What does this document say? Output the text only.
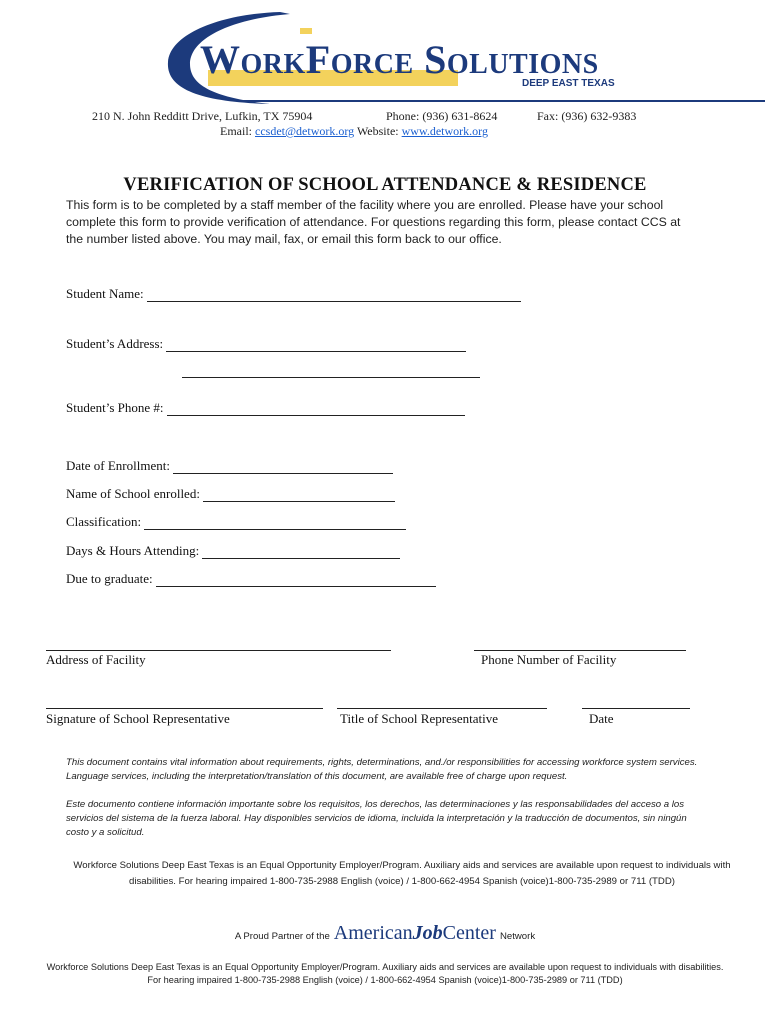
WORKFORCE SOLUTIONS
DEEP EAST TEXAS
210 N. John Redditt Drive, Lufkin, TX 75904	Phone: (936) 631-8624	Fax: (936) 632-9383
Email: ccsdet@detwork.org Website: www.detwork.org
VERIFICATION OF SCHOOL ATTENDANCE & RESIDENCE
This form is to be completed by a staff member of the facility where you are enrolled. Please have your school complete this form to provide verification of attendance. For questions regarding this form, please contact CCS at the number listed above. You may mail, fax, or email this form back to our office.
Student Name:
Student’s Address:
Student’s Phone #:
Date of Enrollment:
Name of School enrolled:
Classification:
Days & Hours Attending:
Due to graduate:
Address of Facility	Phone Number of Facility
Signature of School Representative	Title of School Representative	Date
This document contains vital information about requirements, rights, determinations, and./or responsibilities for accessing workforce system services. Language services, including the interpretation/translation of this document, are available free of charge upon request.
Este documento contiene información importante sobre los requisitos, los derechos, las determinaciones y las responsabilidades del acceso a los servicios del sistema de la fuerza laboral. Hay disponibles servicios de idioma, incluida la interpretación y la traducción de documentos, sin ningún costo y a solicitud.
Workforce Solutions Deep East Texas is an Equal Opportunity Employer/Program. Auxiliary aids and services are available upon request to individuals with disabilities. For hearing impaired 1-800-735-2988 English (voice) / 1-800-662-4954 Spanish (voice)1-800-735-2989 or 711 (TDD)
A Proud Partner of the AmericanJobCenter Network
Workforce Solutions Deep East Texas is an Equal Opportunity Employer/Program. Auxiliary aids and services are available upon request to individuals with disabilities. For hearing impaired 1-800-735-2988 English (voice) / 1-800-662-4954 Spanish (voice)1-800-735-2989 or 711 (TDD)
